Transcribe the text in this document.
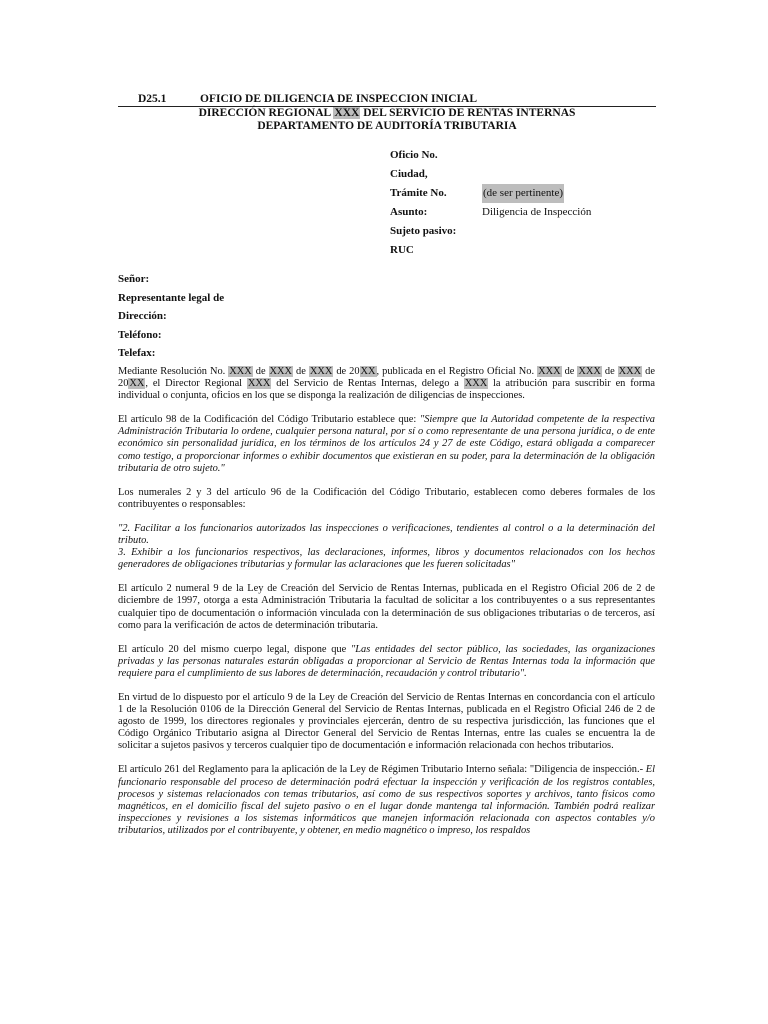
D25.1	OFICIO DE DILIGENCIA DE INSPECCION INICIAL
DIRECCIÓN REGIONAL XXX DEL SERVICIO DE RENTAS INTERNAS
DEPARTAMENTO DE AUDITORÍA TRIBUTARIA
Oficio No.
Ciudad,
Trámite No.	(de ser pertinente)
Asunto:	Diligencia de Inspección
Sujeto pasivo:
RUC
Señor:
Representante legal de
Dirección:
Teléfono:
Telefax:

Mediante Resolución No. XXX de XXX de XXX de 20XX, publicada en el Registro Oficial No. XXX de XXX de XXX de 20XX, el Director Regional XXX del Servicio de Rentas Internas, delego a XXX la atribución para suscribir en forma individual o conjunta, oficios en los que se disponga la realización de diligencias de inspecciones.

El artículo 98 de la Codificación del Código Tributario establece que: "Siempre que la Autoridad competente de la respectiva Administración Tributaria lo ordene, cualquier persona natural, por sí o como representante de una persona jurídica, o de ente económico sin personalidad jurídica, en los términos de los artículos 24 y 27 de este Código, estará obligada a comparecer como testigo, a proporcionar informes o exhibir documentos que existieran en su poder, para la determinación de la obligación tributaria de otro sujeto."

Los numerales 2 y 3 del artículo 96 de la Codificación del Código Tributario, establecen como deberes formales de los contribuyentes o responsables:

"2. Facilitar a los funcionarios autorizados las inspecciones o verificaciones, tendientes al control o a la determinación del tributo.
3. Exhibir a los funcionarios respectivos, las declaraciones, informes, libros y documentos relacionados con los hechos generadores de obligaciones tributarias y formular las aclaraciones que les fueren solicitadas"

El artículo 2 numeral 9 de la Ley de Creación del Servicio de Rentas Internas, publicada en el Registro Oficial 206 de 2 de diciembre de 1997, otorga a esta Administración Tributaria la facultad de solicitar a los contribuyentes o a sus representantes cualquier tipo de documentación o información vinculada con la determinación de sus obligaciones tributarias o de terceros, así como para la verificación de actos de determinación tributaria.

El artículo 20 del mismo cuerpo legal, dispone que "Las entidades del sector público, las sociedades, las organizaciones privadas y las personas naturales estarán obligadas a proporcionar al Servicio de Rentas Internas toda la información que requiere para el cumplimiento de sus labores de determinación, recaudación y control tributario".

En virtud de lo dispuesto por el artículo 9 de la Ley de Creación del Servicio de Rentas Internas en concordancia con el artículo 1 de la Resolución 0106 de la Dirección General del Servicio de Rentas Internas, publicada en el Registro Oficial 246 de 2 de agosto de 1999, los directores regionales y provinciales ejercerán, dentro de su respectiva jurisdicción, las funciones que el Código Orgánico Tributario asigna al Director General del Servicio de Rentas Internas, entre las cuales se encuentra la de solicitar a sujetos pasivos y terceros cualquier tipo de documentación e información relacionada con hechos tributarios.

El artículo 261 del Reglamento para la aplicación de la Ley de Régimen Tributario Interno señala: "Diligencia de inspección.- El funcionario responsable del proceso de determinación podrá efectuar la inspección y verificación de los registros contables, procesos y sistemas relacionados con temas tributarios, así como de sus respectivos soportes y archivos, tanto físicos como magnéticos, en el domicilio fiscal del sujeto pasivo o en el lugar donde mantenga tal información. También podrá realizar inspecciones y revisiones a los sistemas informáticos que manejen información relacionada con aspectos contables y/o tributarios, utilizados por el contribuyente, y obtener, en medio magnético o impreso, los respaldos
